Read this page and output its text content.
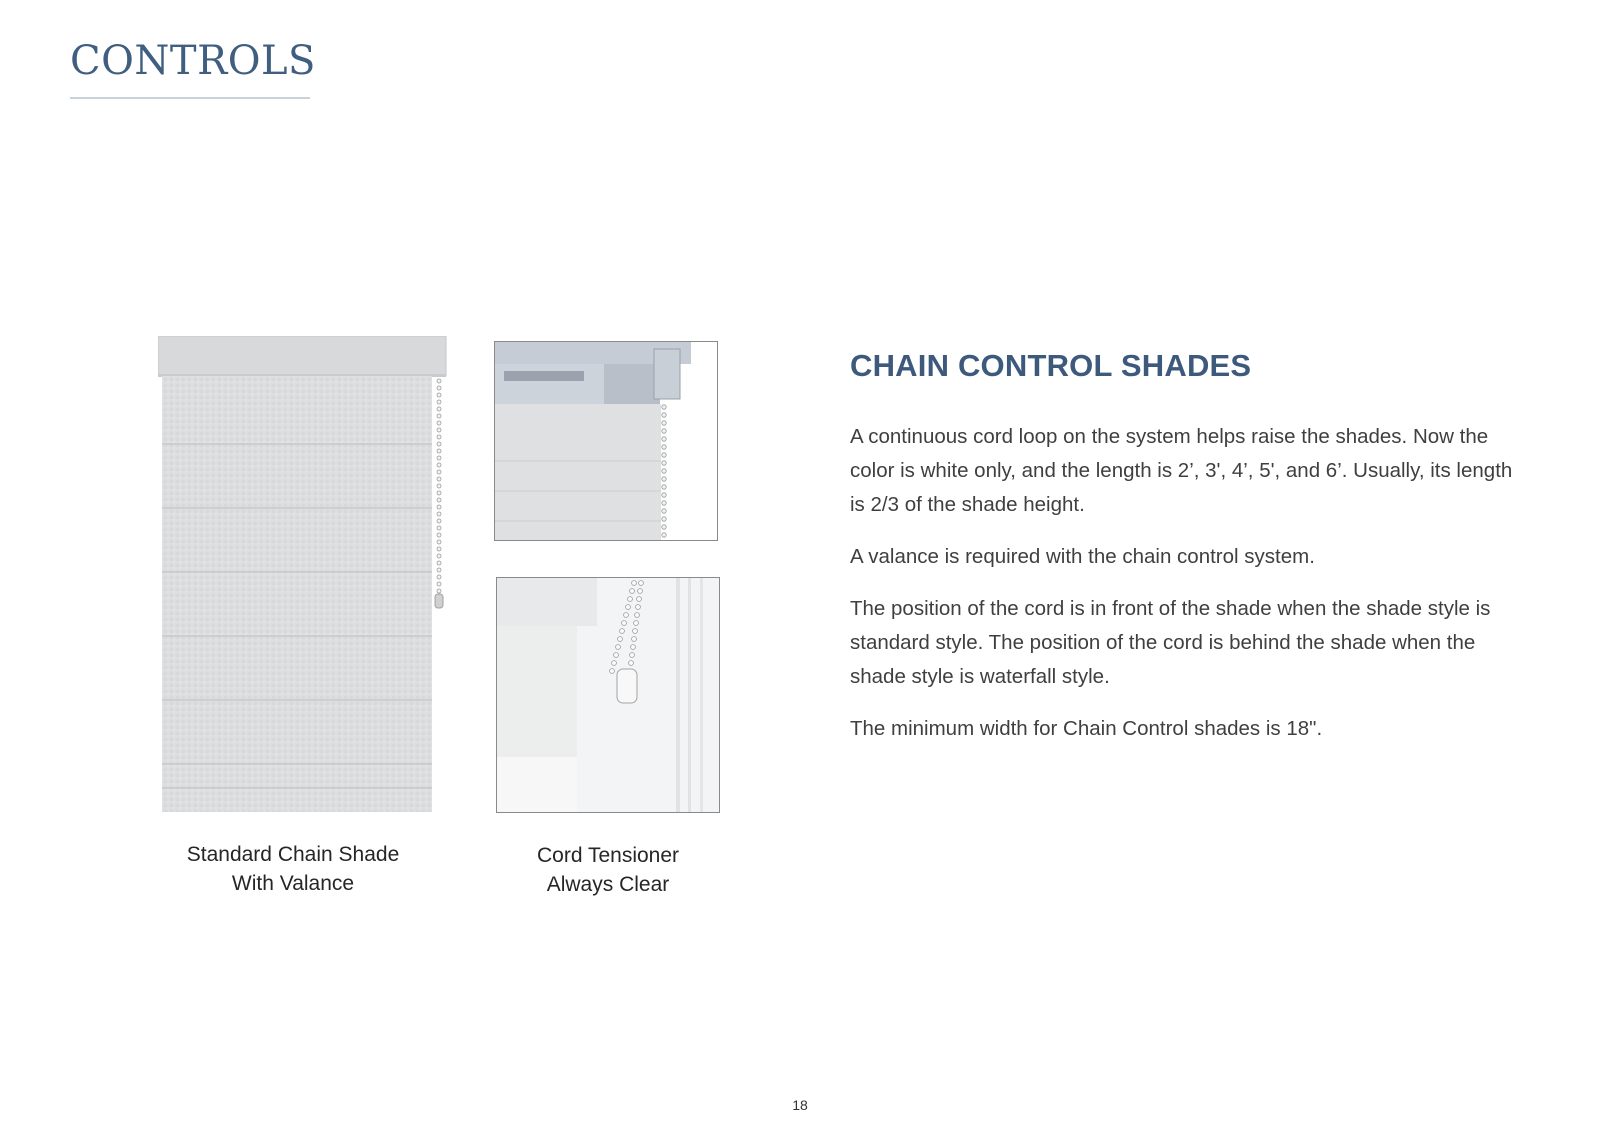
CONTROLS
Standard Chain Shade
With Valance
Cord Tensioner
Always Clear
CHAIN CONTROL SHADES

A continuous cord loop on the system helps raise the shades. Now the color is white only, and the length is 2’, 3', 4’, 5', and 6’. Usually, its length is 2/3 of the shade height.

A valance is required with the chain control system.

The position of the cord is in front of the shade when the shade style is standard style. The position of the cord is behind the shade when the shade style is waterfall style.

The minimum width for Chain Control shades is 18".

18
